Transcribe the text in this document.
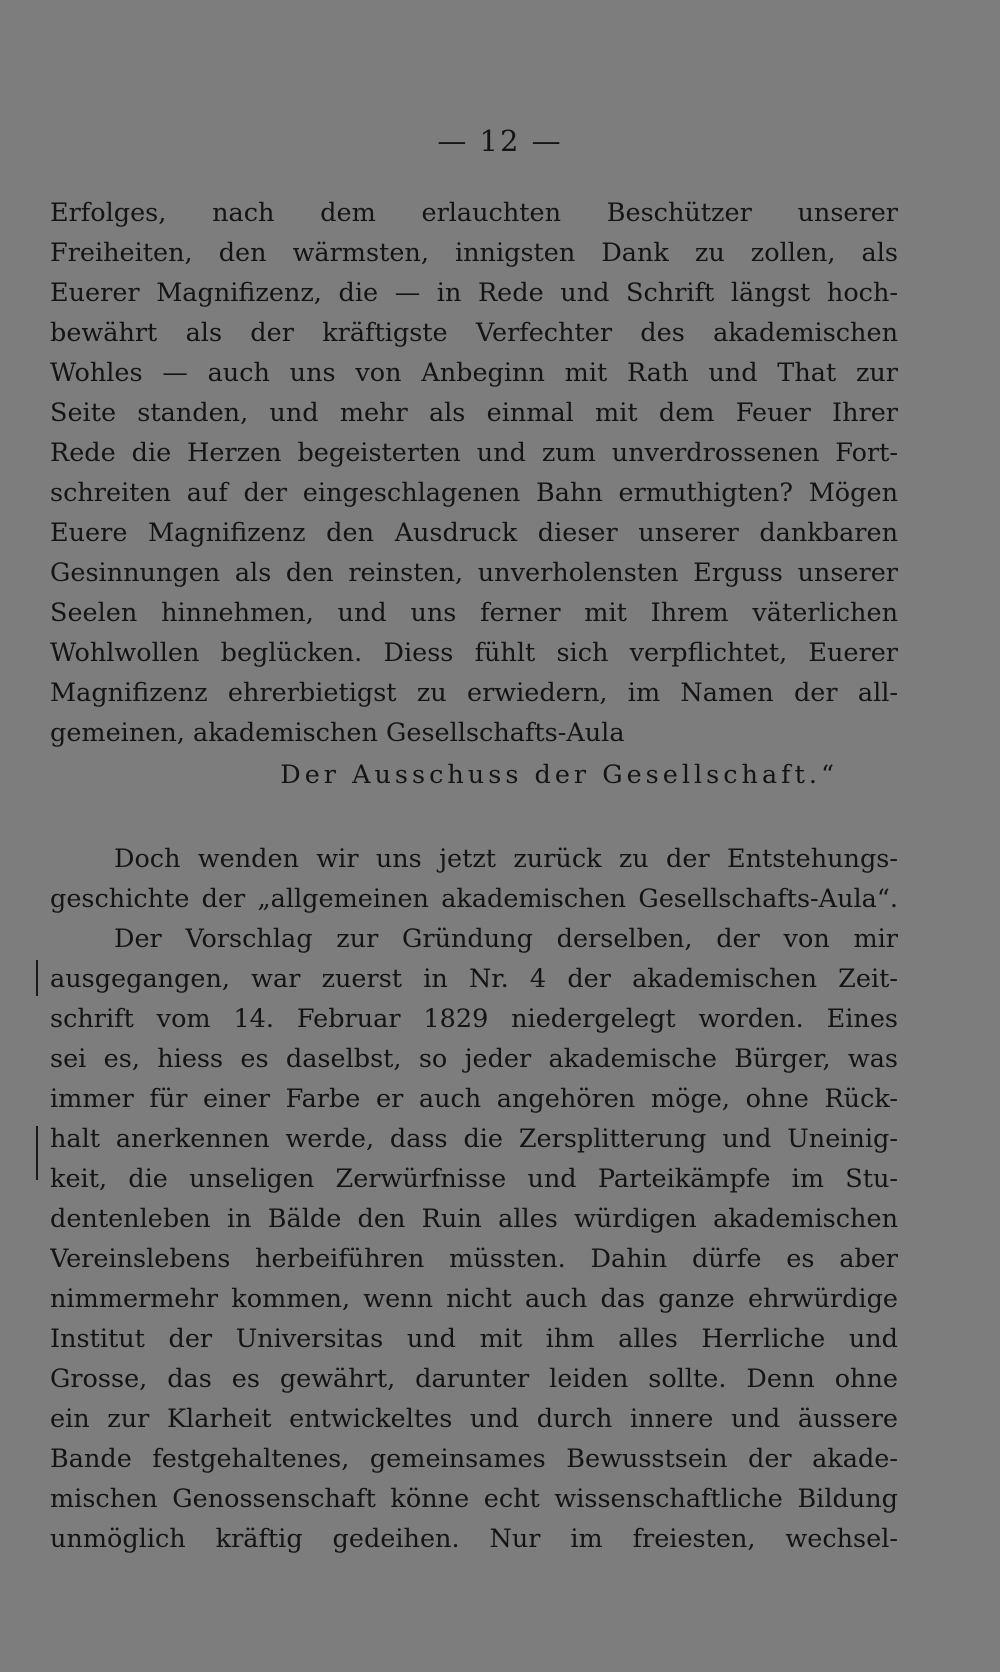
— 12 —
Erfolges, nach dem erlauchten Beschützer unserer
Freiheiten, den wärmsten, innigsten Dank zu zollen, als
Euerer Magnifizenz, die — in Rede und Schrift längst hoch-
bewährt als der kräftigste Verfechter des akademischen
Wohles — auch uns von Anbeginn mit Rath und That zur
Seite standen, und mehr als einmal mit dem Feuer Ihrer
Rede die Herzen begeisterten und zum unverdrossenen Fort-
schreiten auf der eingeschlagenen Bahn ermuthigten? Mögen
Euere Magnifizenz den Ausdruck dieser unserer dankbaren
Gesinnungen als den reinsten, unverholensten Erguss unserer
Seelen hinnehmen, und uns ferner mit Ihrem väterlichen
Wohlwollen beglücken. Diess fühlt sich verpflichtet, Euerer
Magnifizenz ehrerbietigst zu erwiedern, im Namen der all-
gemeinen, akademischen Gesellschafts-Aula
Der Ausschuss der Gesellschaft.“
Doch wenden wir uns jetzt zurück zu der Entstehungs-
geschichte der „allgemeinen akademischen Gesellschafts-Aula“.
Der Vorschlag zur Gründung derselben, der von mir
ausgegangen, war zuerst in Nr. 4 der akademischen Zeit-
schrift vom 14. Februar 1829 niedergelegt worden. Eines
sei es, hiess es daselbst, so jeder akademische Bürger, was
immer für einer Farbe er auch angehören möge, ohne Rück-
halt anerkennen werde, dass die Zersplitterung und Uneinig-
keit, die unseligen Zerwürfnisse und Parteikämpfe im Stu-
dentenleben in Bälde den Ruin alles würdigen akademischen
Vereinslebens herbeiführen müssten. Dahin dürfe es aber
nimmermehr kommen, wenn nicht auch das ganze ehrwürdige
Institut der Universitas und mit ihm alles Herrliche und
Grosse, das es gewährt, darunter leiden sollte. Denn ohne
ein zur Klarheit entwickeltes und durch innere und äussere
Bande festgehaltenes, gemeinsames Bewusstsein der akade-
mischen Genossenschaft könne echt wissenschaftliche Bildung
unmöglich kräftig gedeihen. Nur im freiesten, wechsel-
